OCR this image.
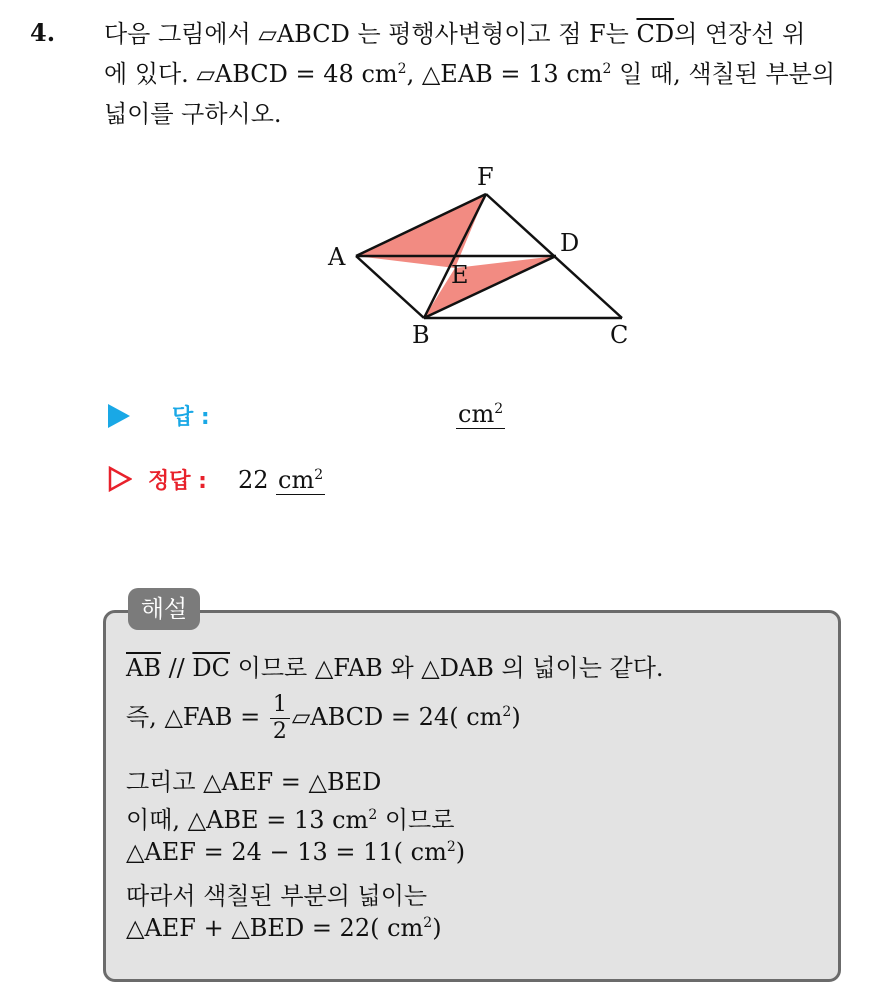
4. 다음 그림에서 ▱ABCD 는 평행사변형이고 점 F는 $\overline{CD}$의 연장선 위
에 있다. ▱ABCD = 48 $cm^2$, △EAB = 13 $cm^2$ 일 때, 색칠된 부분의
넓이를 구하시오.
F
A	D
E
B	C
답 :	$cm^2$
정답 : 22 $cm^2$
해설
$\overline{AB} // \overline{DC}$ 이므로 △FAB 와 △DAB 의 넓이는 같다.
즉, △FAB = $\frac{1}{2}$ ▱ABCD = 24( $cm^2$)
그리고 △AEF = △BED
이때, △ABE = 13 $cm^2$ 이므로
△AEF = 24 − 13 = 11( $cm^2$)
따라서 색칠된 부분의 넓이는
△AEF + △BED = 22( $cm^2$)
